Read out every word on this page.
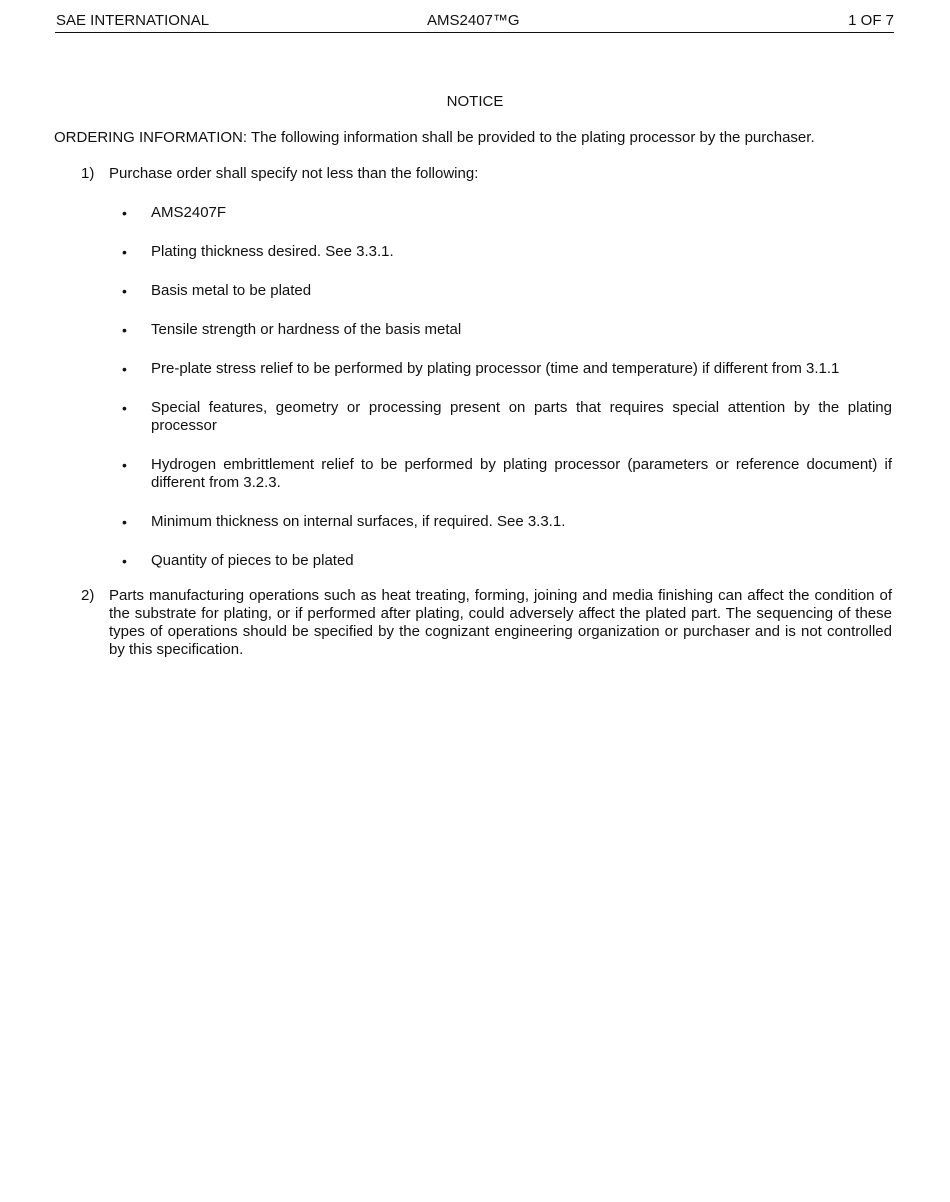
SAE INTERNATIONAL	AMS2407™G	1 OF 7
NOTICE
ORDERING INFORMATION: The following information shall be provided to the plating processor by the purchaser.
1) Purchase order shall specify not less than the following:
• AMS2407F
• Plating thickness desired. See 3.3.1.
• Basis metal to be plated
• Tensile strength or hardness of the basis metal
• Pre-plate stress relief to be performed by plating processor (time and temperature) if different from 3.1.1
• Special features, geometry or processing present on parts that requires special attention by the plating processor
• Hydrogen embrittlement relief to be performed by plating processor (parameters or reference document) if different from 3.2.3.
• Minimum thickness on internal surfaces, if required. See 3.3.1.
• Quantity of pieces to be plated
2) Parts manufacturing operations such as heat treating, forming, joining and media finishing can affect the condition of the substrate for plating, or if performed after plating, could adversely affect the plated part. The sequencing of these types of operations should be specified by the cognizant engineering organization or purchaser and is not controlled by this specification.
